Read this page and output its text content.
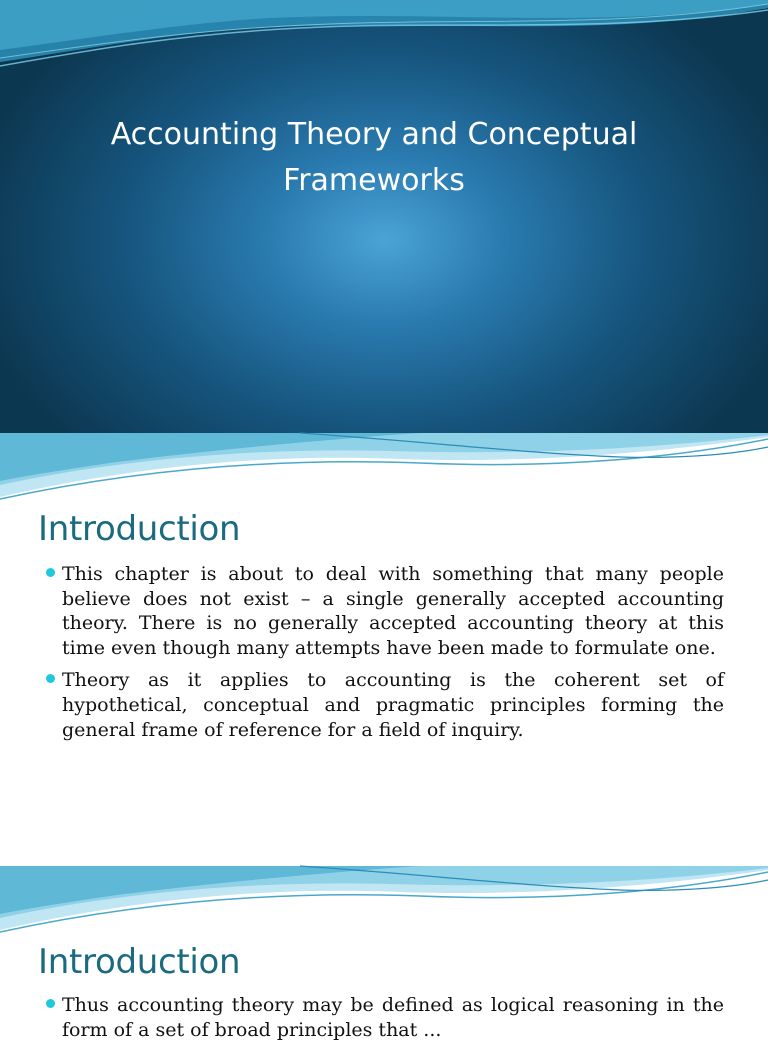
Accounting Theory and Conceptual Frameworks
Introduction
This chapter is about to deal with something that many people believe does not exist – a single generally accepted accounting theory. There is no generally accepted accounting theory at this time even though many attempts have been made to formulate one.
Theory as it applies to accounting is the coherent set of hypothetical, conceptual and pragmatic principles forming the general frame of reference for a field of inquiry.
Introduction
Thus accounting theory may be defined as logical reasoning in the form of a set of broad principles that ...
